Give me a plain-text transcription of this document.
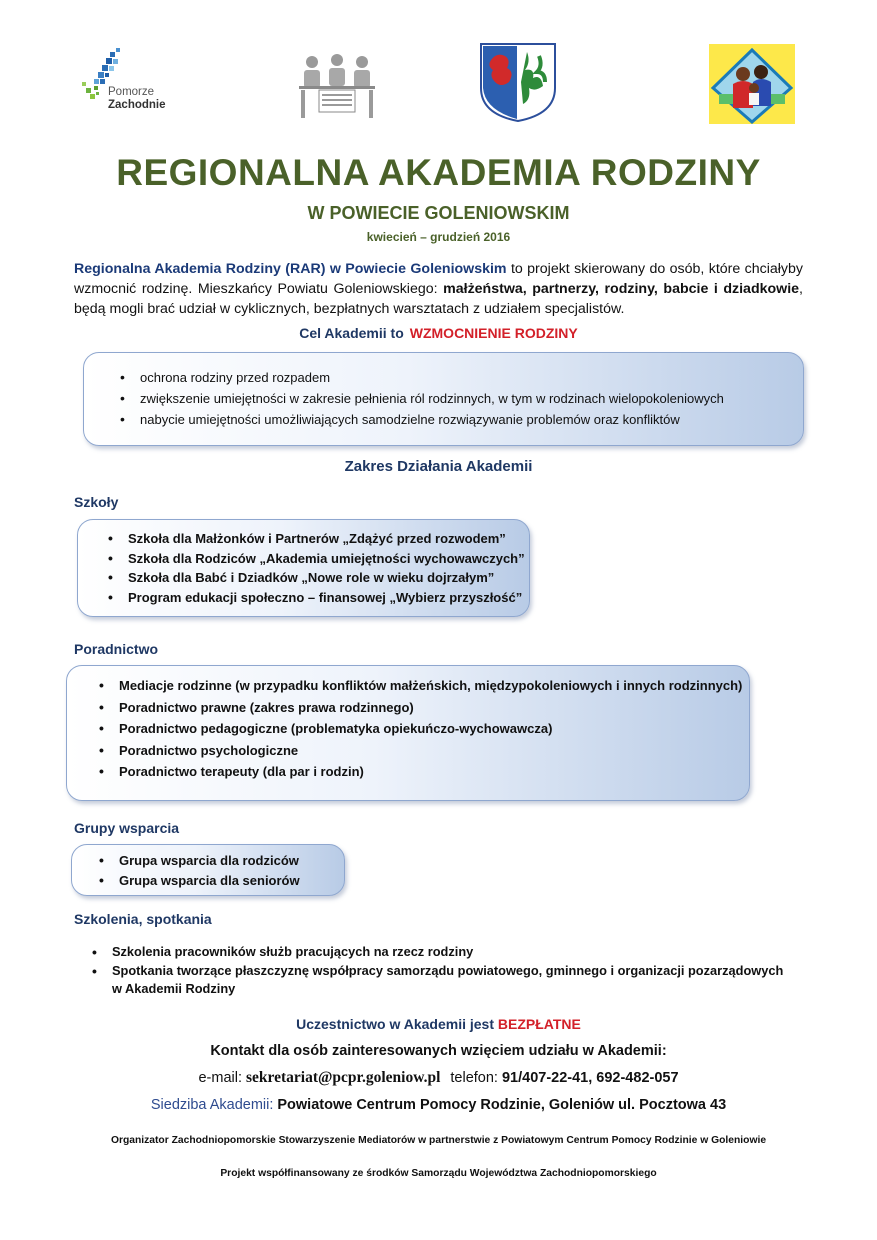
Pomorze
Zachodnie
REGIONALNA AKADEMIA RODZINY
W POWIECIE GOLENIOWSKIM
kwiecień – grudzień 2016
Regionalna Akademia Rodziny (RAR) w Powiecie Goleniowskim to projekt skierowany do osób, które chciałyby wzmocnić rodzinę. Mieszkańcy Powiatu Goleniowskiego: małżeństwa, partnerzy, rodziny, babcie i dziadkowie, będą mogli brać udział w cyklicznych, bezpłatnych warsztatach z udziałem specjalistów.
Cel Akademii to WZMOCNIENIE RODZINY
• ochrona rodziny przed rozpadem
• zwiększenie umiejętności w zakresie pełnienia ról rodzinnych, w tym w rodzinach wielopokoleniowych
• nabycie umiejętności umożliwiających samodzielne rozwiązywanie problemów oraz konfliktów
Zakres Działania Akademii
Szkoły
• Szkoła dla Małżonków i Partnerów „Zdążyć przed rozwodem”
• Szkoła dla Rodziców „Akademia umiejętności wychowawczych”
• Szkoła dla Babć i Dziadków „Nowe role w wieku dojrzałym”
• Program edukacji społeczno – finansowej „Wybierz przyszłość”
Poradnictwo
• Mediacje rodzinne (w przypadku konfliktów małżeńskich, międzypokoleniowych i innych rodzinnych)
• Poradnictwo prawne (zakres prawa rodzinnego)
• Poradnictwo pedagogiczne (problematyka opiekuńczo-wychowawcza)
• Poradnictwo psychologiczne
• Poradnictwo terapeuty (dla par i rodzin)
Grupy wsparcia
• Grupa wsparcia dla rodziców
• Grupa wsparcia dla seniorów
Szkolenia, spotkania
• Szkolenia pracowników służb pracujących na rzecz rodziny
• Spotkania tworzące płaszczyznę współpracy samorządu powiatowego, gminnego i organizacji pozarządowych w Akademii Rodziny
Uczestnictwo w Akademii jest BEZPŁATNE
Kontakt dla osób zainteresowanych wzięciem udziału w Akademii:
e-mail: sekretariat@pcpr.goleniow.pl telefon: 91/407-22-41, 692-482-057
Siedziba Akademii: Powiatowe Centrum Pomocy Rodzinie, Goleniów ul. Pocztowa 43
Organizator Zachodniopomorskie Stowarzyszenie Mediatorów w partnerstwie z Powiatowym Centrum Pomocy Rodzinie w Goleniowie
Projekt współfinansowany ze środków Samorządu Województwa Zachodniopomorskiego
